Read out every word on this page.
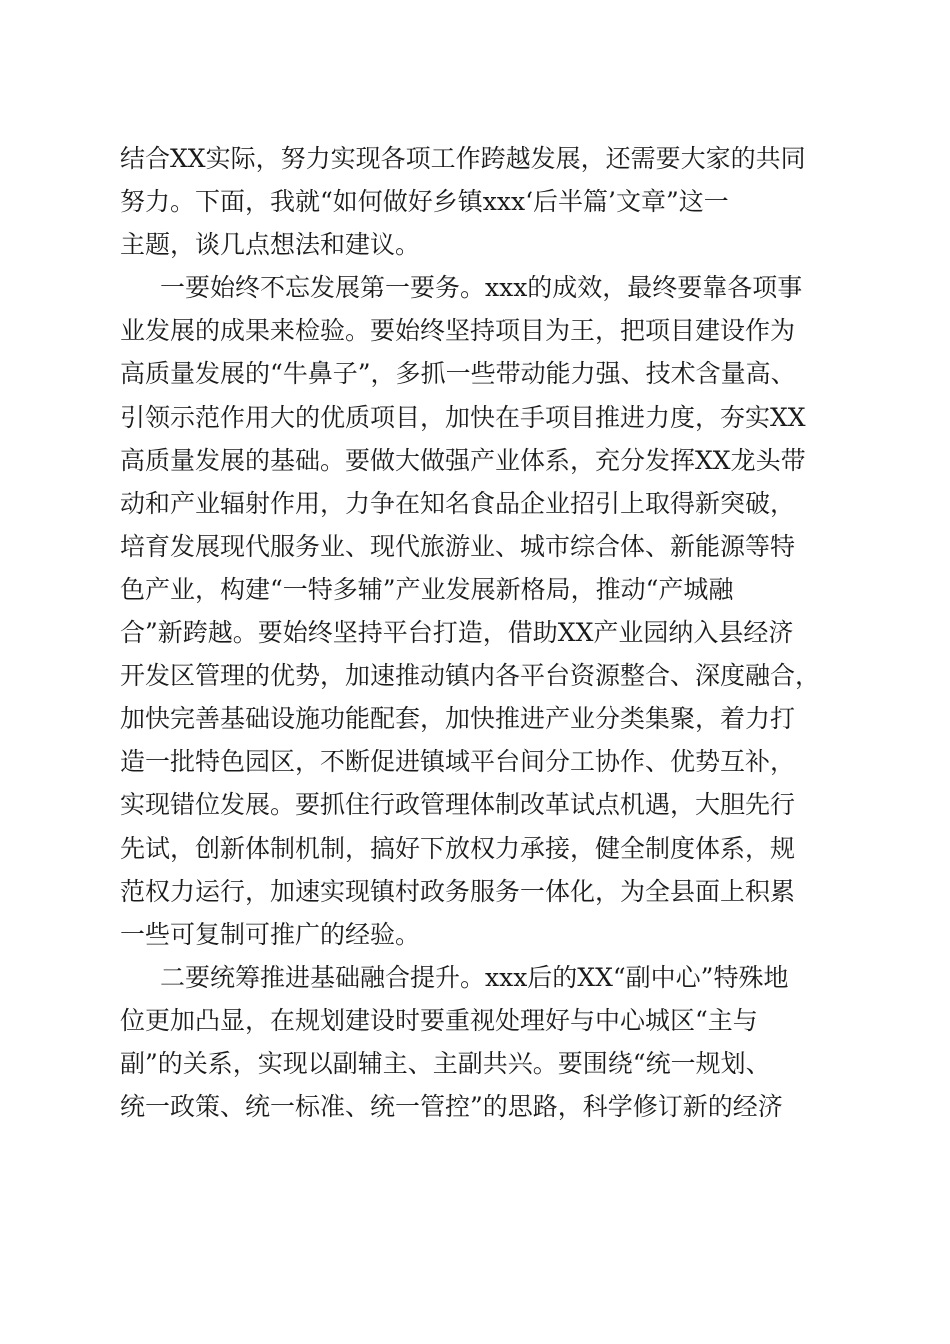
结合XX实际，努力实现各项工作跨越发展，还需要大家的共同
努力。下面，我就“如何做好乡镇xxx‘后半篇’文章”这一
主题，谈几点想法和建议。
一要始终不忘发展第一要务。xxx的成效，最终要靠各项事
业发展的成果来检验。要始终坚持项目为王，把项目建设作为
高质量发展的“牛鼻子”，多抓一些带动能力强、技术含量高、
引领示范作用大的优质项目，加快在手项目推进力度，夯实XX
高质量发展的基础。要做大做强产业体系，充分发挥XX龙头带
动和产业辐射作用，力争在知名食品企业招引上取得新突破，
培育发展现代服务业、现代旅游业、城市综合体、新能源等特
色产业，构建“一特多辅”产业发展新格局，推动“产城融
合”新跨越。要始终坚持平台打造，借助XX产业园纳入县经济
开发区管理的优势，加速推动镇内各平台资源整合、深度融合，
加快完善基础设施功能配套，加快推进产业分类集聚，着力打
造一批特色园区，不断促进镇域平台间分工协作、优势互补，
实现错位发展。要抓住行政管理体制改革试点机遇，大胆先行
先试，创新体制机制，搞好下放权力承接，健全制度体系，规
范权力运行，加速实现镇村政务服务一体化，为全县面上积累
一些可复制可推广的经验。
二要统筹推进基础融合提升。xxx后的XX“副中心”特殊地
位更加凸显，在规划建设时要重视处理好与中心城区“主与
副”的关系，实现以副辅主、主副共兴。要围绕“统一规划、
统一政策、统一标准、统一管控”的思路，科学修订新的经济
